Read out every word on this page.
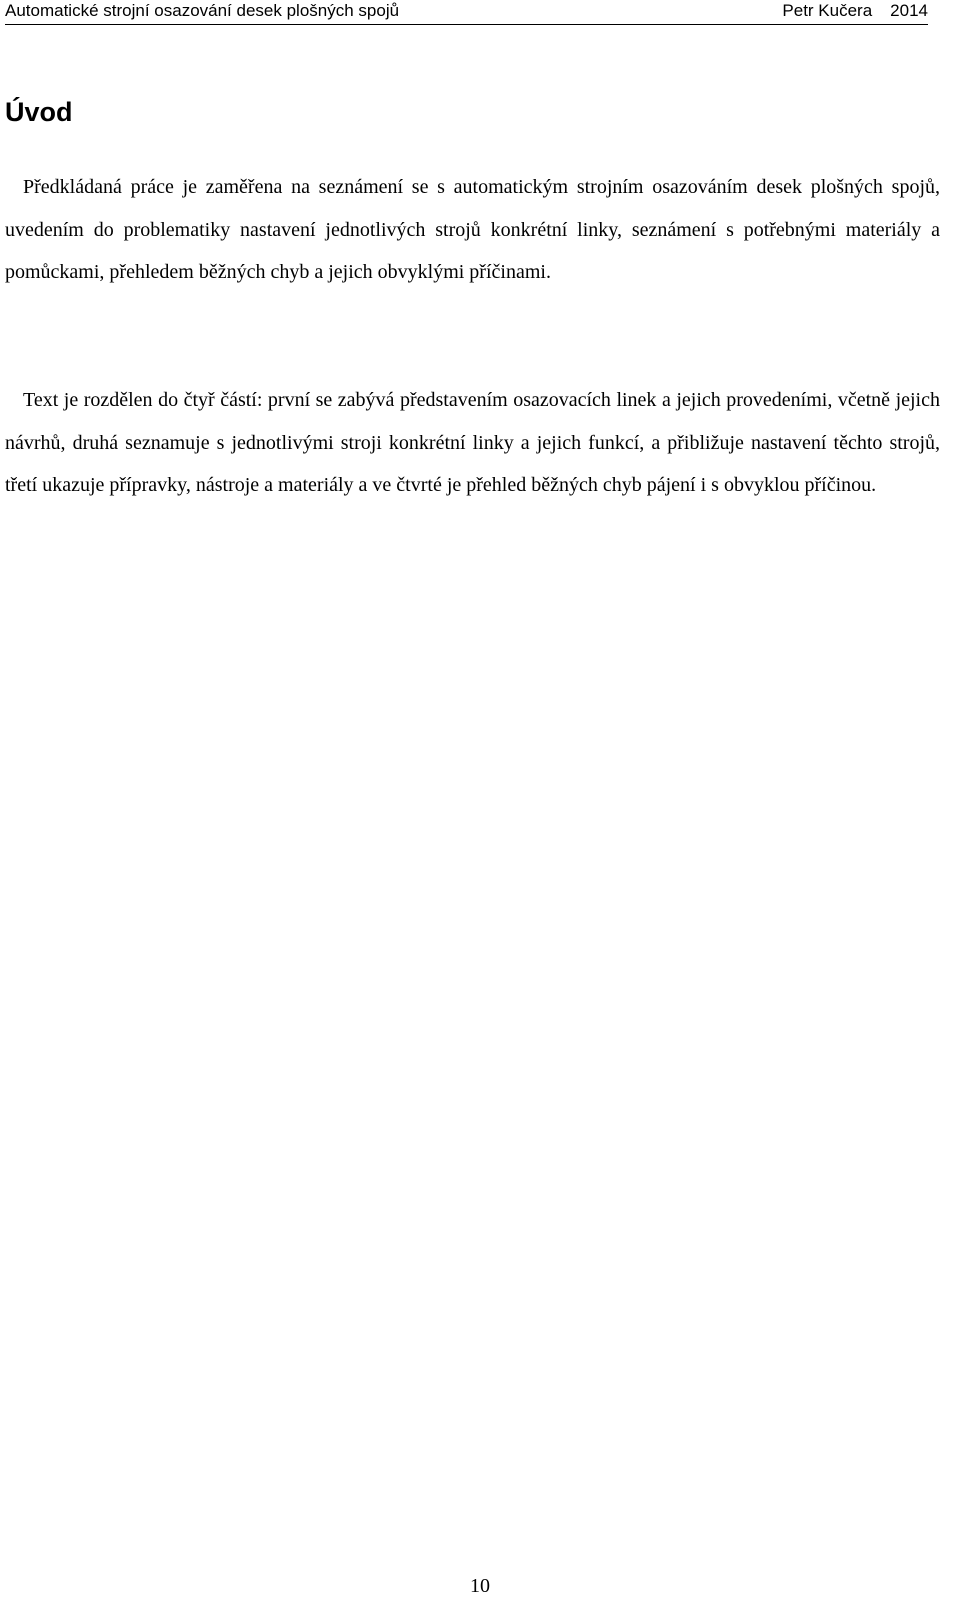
Automatické strojní osazování desek plošných spojů	Petr Kučera 2014
Úvod

Předkládaná práce je zaměřena na seznámení se s automatickým strojním osazováním desek plošných spojů, uvedením do problematiky nastavení jednotlivých strojů konkrétní linky, seznámení s potřebnými materiály a pomůckami, přehledem běžných chyb a jejich obvyklými příčinami.

Text je rozdělen do čtyř částí: první se zabývá představením osazovacích linek a jejich provedeními, včetně jejich návrhů, druhá seznamuje s jednotlivými stroji konkrétní linky a jejich funkcí, a přibližuje nastavení těchto strojů, třetí ukazuje přípravky, nástroje a materiály a ve čtvrté je přehled běžných chyb pájení i s obvyklou příčinou.

10
